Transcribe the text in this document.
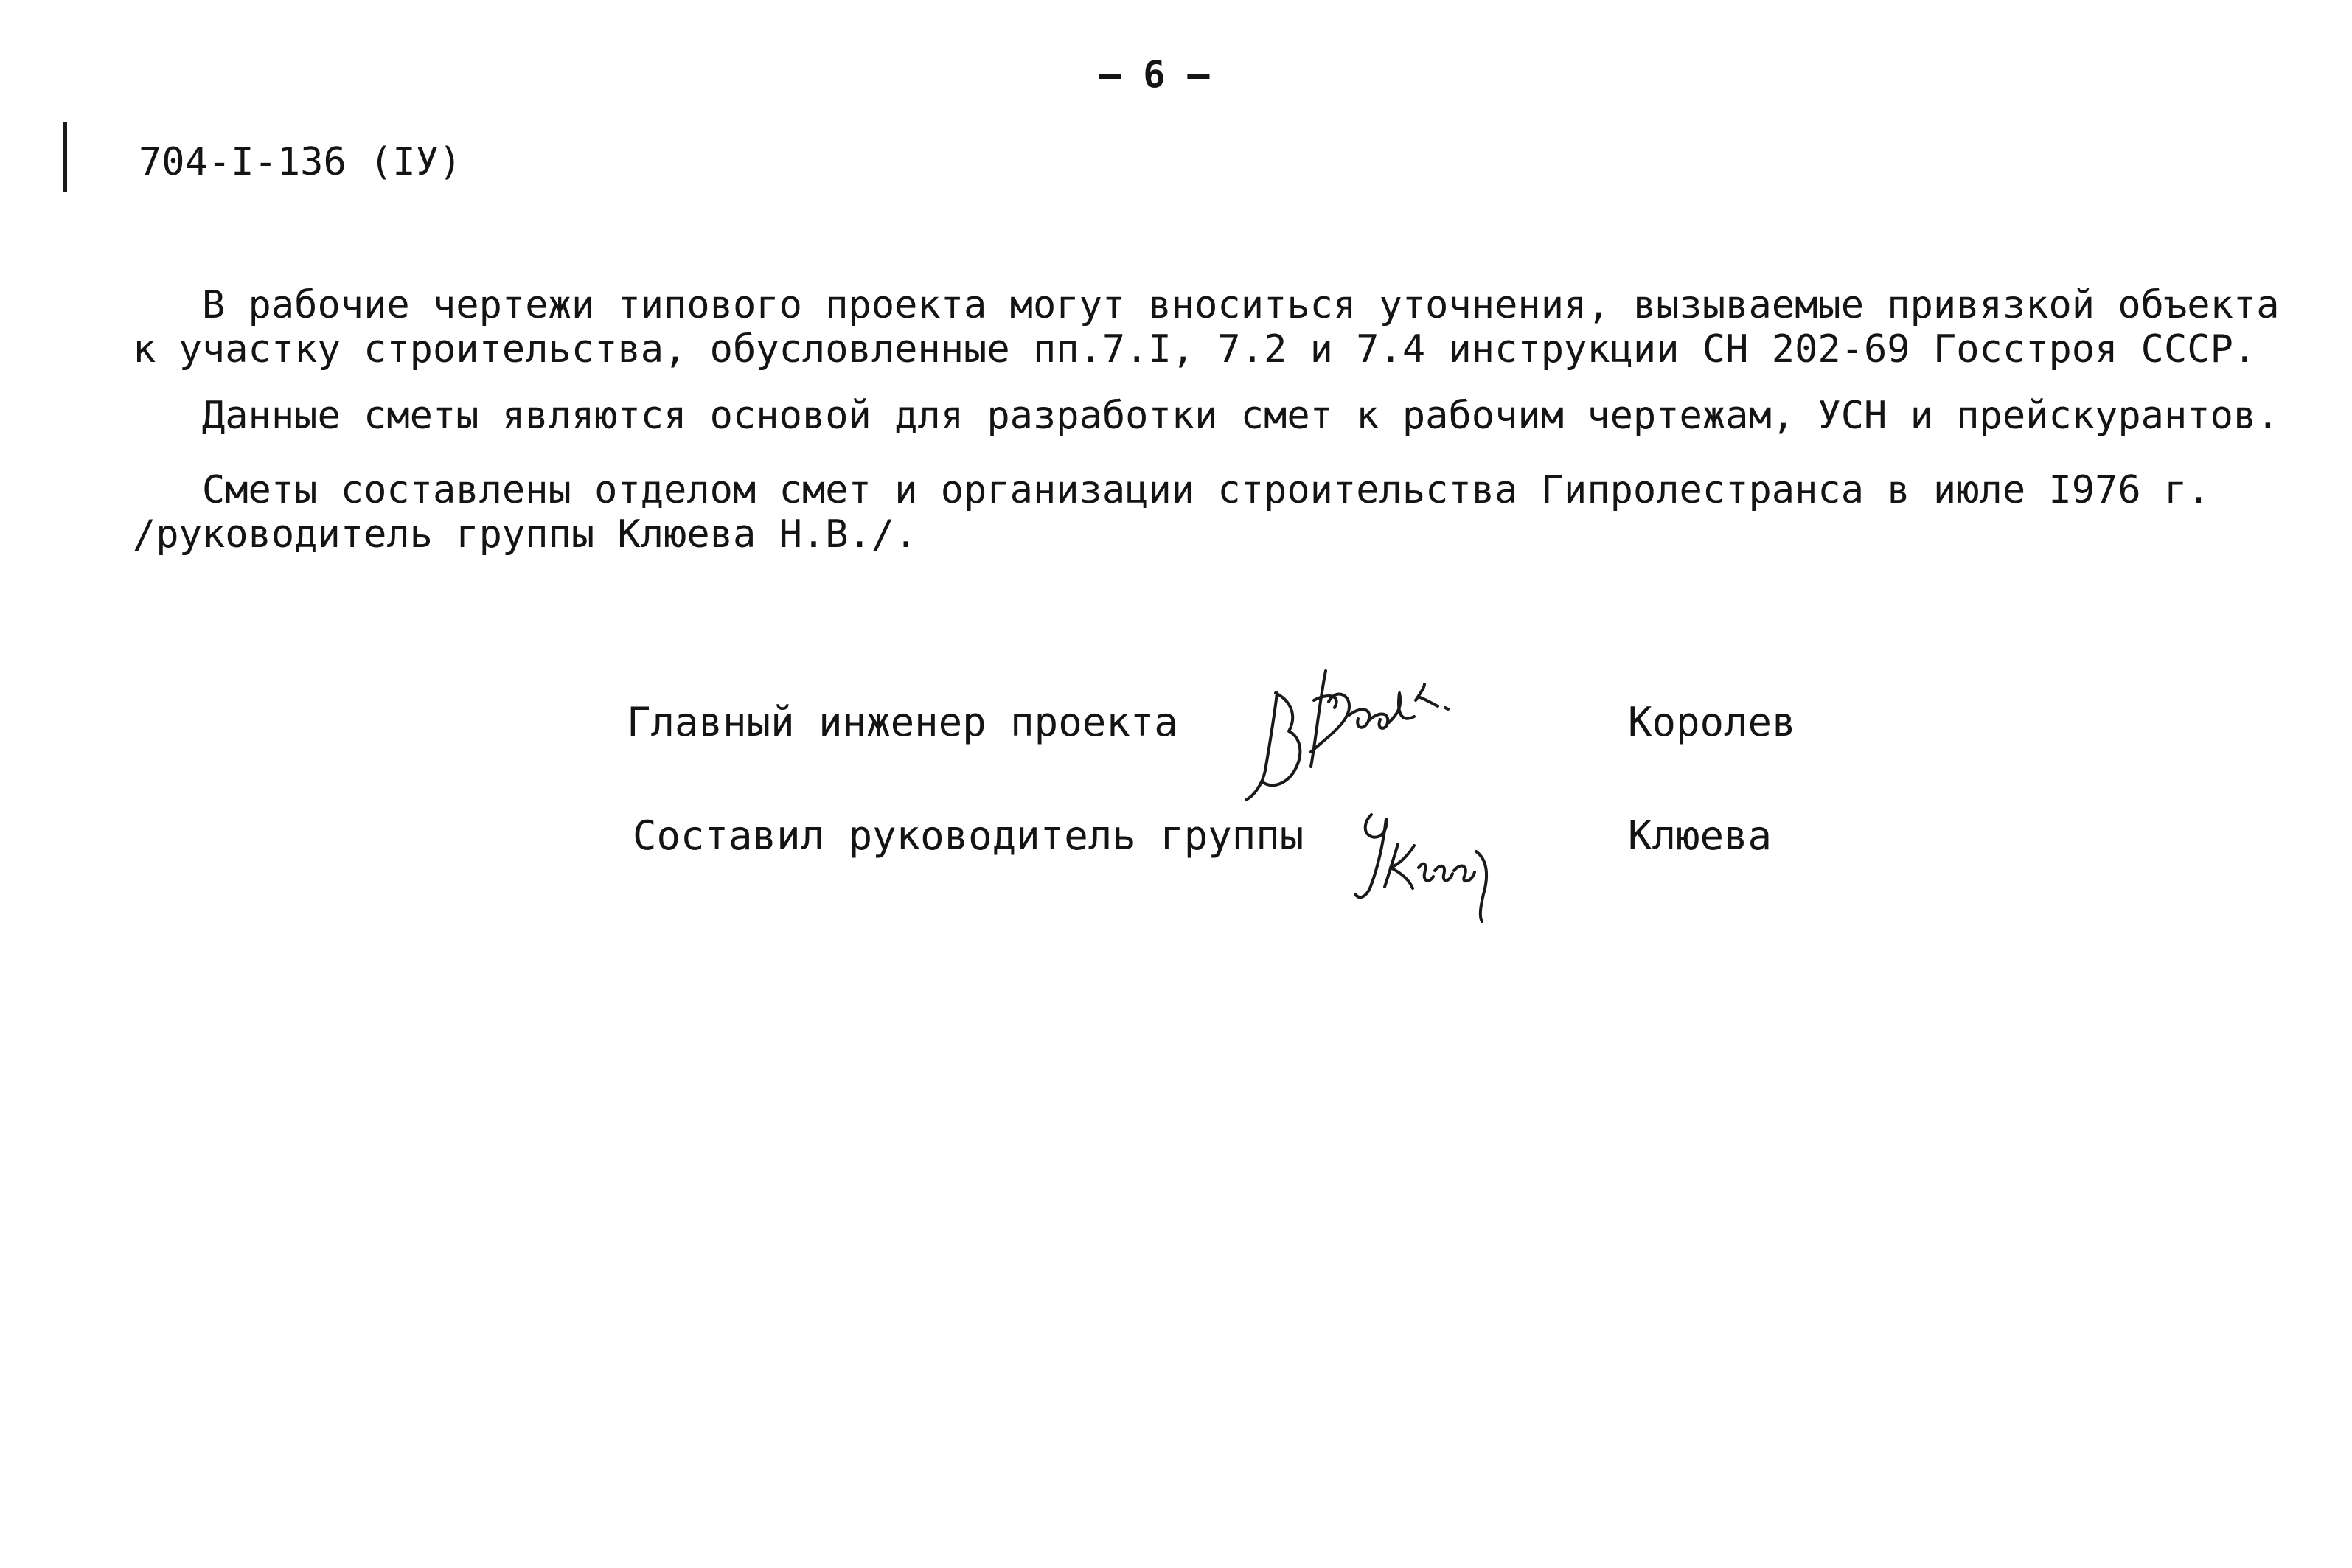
— 6 —
704-I-136 (IУ)
В рабочие чертежи типового проекта могут вноситься уточнения, вызываемые привязкой объекта
к участку строительства, обусловленные пп.7.I, 7.2 и 7.4 инструкции СН 202-69 Госстроя СССР.
Данные сметы являются основой для разработки смет к рабочим чертежам, УСН и прейскурантов.
Сметы составлены отделом смет и организации строительства Гипролестранса в июле I976 г.
/руководитель группы Клюева Н.В./.
Главный инженер проекта	Королев
Составил руководитель группы	Клюева
